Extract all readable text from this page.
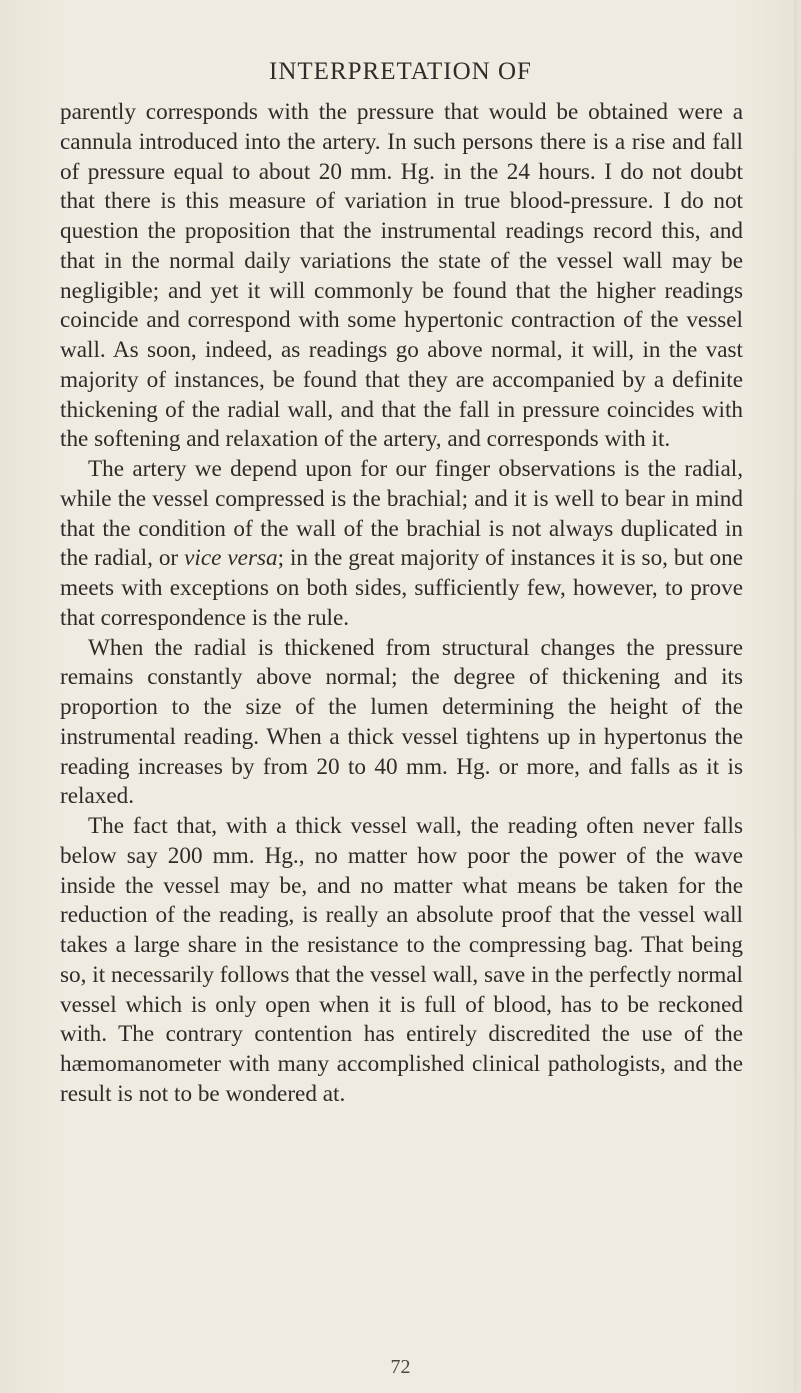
INTERPRETATION OF

parently corresponds with the pressure that would be obtained were a cannula introduced into the artery. In such persons there is a rise and fall of pressure equal to about 20 mm. Hg. in the 24 hours. I do not doubt that there is this measure of variation in true blood-pressure. I do not question the proposition that the instrumental readings record this, and that in the normal daily variations the state of the vessel wall may be negligible; and yet it will commonly be found that the higher readings coincide and correspond with some hypertonic contraction of the vessel wall. As soon, indeed, as readings go above normal, it will, in the vast majority of instances, be found that they are accompanied by a definite thickening of the radial wall, and that the fall in pressure coincides with the softening and relaxation of the artery, and corresponds with it.

The artery we depend upon for our finger observations is the radial, while the vessel compressed is the brachial; and it is well to bear in mind that the condition of the wall of the brachial is not always duplicated in the radial, or vice versa; in the great majority of instances it is so, but one meets with exceptions on both sides, sufficiently few, however, to prove that correspondence is the rule.

When the radial is thickened from structural changes the pressure remains constantly above normal; the degree of thickening and its proportion to the size of the lumen determining the height of the instrumental reading. When a thick vessel tightens up in hypertonus the reading increases by from 20 to 40 mm. Hg. or more, and falls as it is relaxed.

The fact that, with a thick vessel wall, the reading often never falls below say 200 mm. Hg., no matter how poor the power of the wave inside the vessel may be, and no matter what means be taken for the reduction of the reading, is really an absolute proof that the vessel wall takes a large share in the resistance to the compressing bag. That being so, it necessarily follows that the vessel wall, save in the perfectly normal vessel which is only open when it is full of blood, has to be reckoned with. The contrary contention has entirely discredited the use of the hæmomanometer with many accomplished clinical pathologists, and the result is not to be wondered at.

72
